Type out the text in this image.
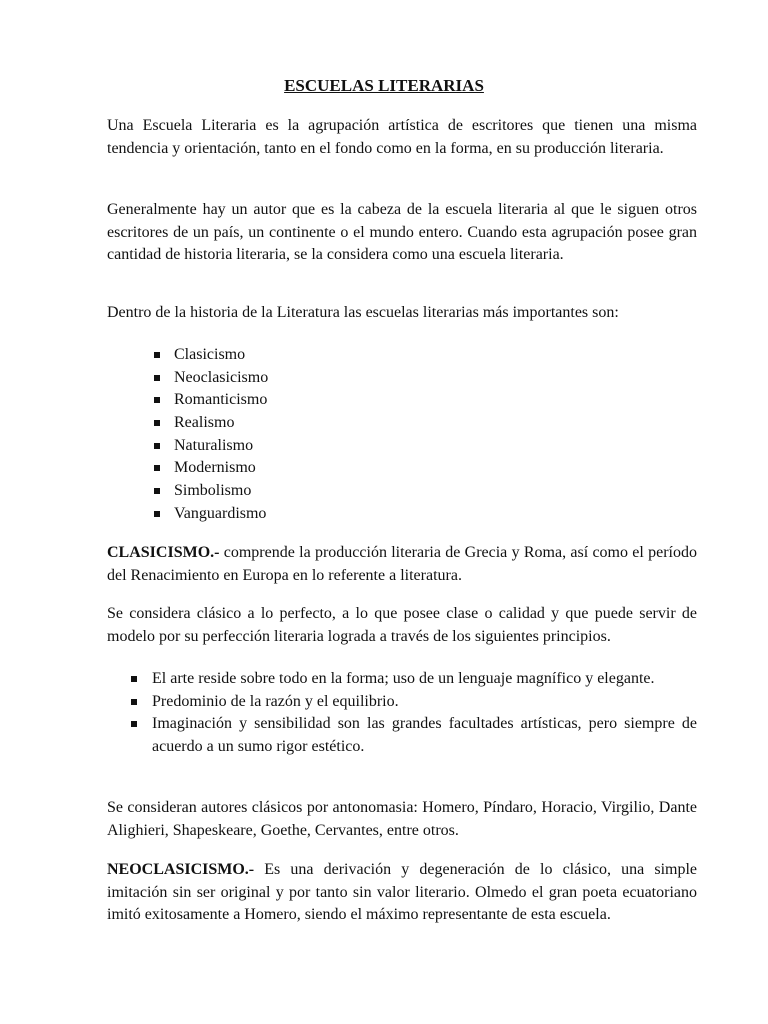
ESCUELAS LITERARIAS

Una Escuela Literaria es la agrupación artística de escritores que tienen una misma tendencia y orientación, tanto en el fondo como en la forma, en su producción literaria.

Generalmente hay un autor que es la cabeza de la escuela literaria al que le siguen otros escritores de un país, un continente o el mundo entero. Cuando esta agrupación posee gran cantidad de historia literaria, se la considera como una escuela literaria.

Dentro de la historia de la Literatura las escuelas literarias más importantes son:

Clasicismo
Neoclasicismo
Romanticismo
Realismo
Naturalismo
Modernismo
Simbolismo
Vanguardismo

CLASICISMO.- comprende la producción literaria de Grecia y Roma, así como el período del Renacimiento en Europa en lo referente a literatura.

Se considera clásico a lo perfecto, a lo que posee clase o calidad y que puede servir de modelo por su perfección literaria lograda a través de los siguientes principios.

El arte reside sobre todo en la forma; uso de un lenguaje magnífico y elegante.
Predominio de la razón y el equilibrio.
Imaginación y sensibilidad son las grandes facultades artísticas, pero siempre de acuerdo a un sumo rigor estético.

Se consideran autores clásicos por antonomasia: Homero, Píndaro, Horacio, Virgilio, Dante Alighieri, Shapeskeare, Goethe, Cervantes, entre otros.

NEOCLASICISMO.- Es una derivación y degeneración de lo clásico, una simple imitación sin ser original y por tanto sin valor literario. Olmedo el gran poeta ecuatoriano imitó exitosamente a Homero, siendo el máximo representante de esta escuela.
